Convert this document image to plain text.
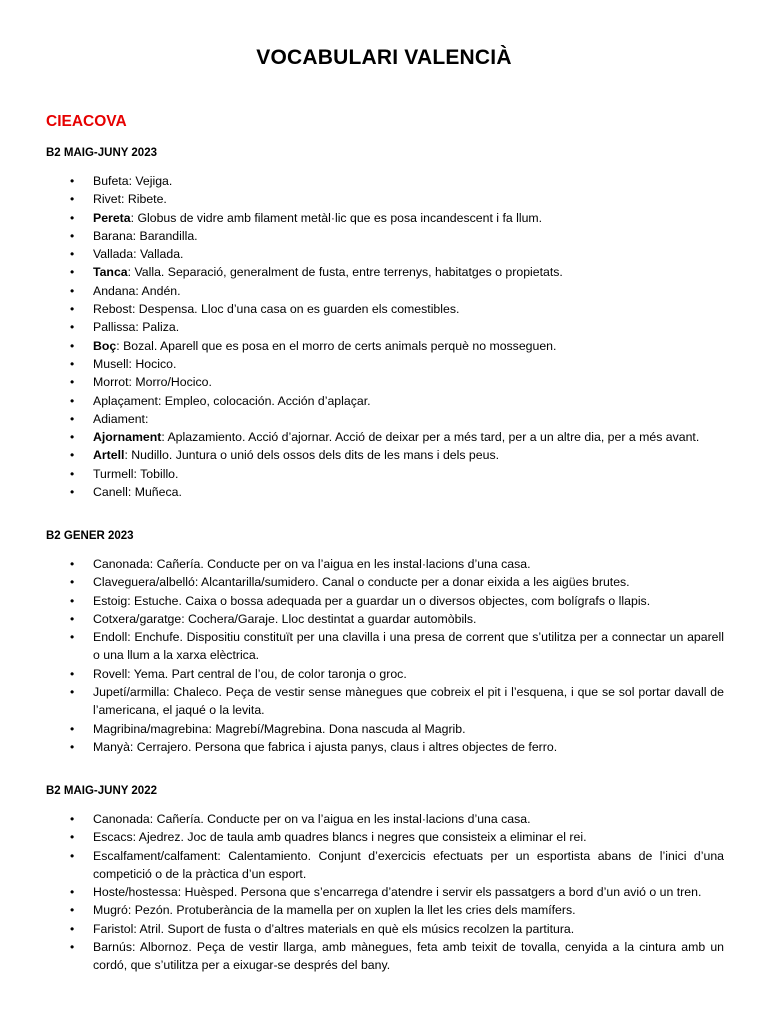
VOCABULARI VALENCIÀ
CIEACOVA
B2 MAIG-JUNY 2023
• Bufeta: Vejiga.
• Rivet: Ribete.
• Pereta: Globus de vidre amb filament metàl·lic que es posa incandescent i fa llum.
• Barana: Barandilla.
• Vallada: Vallada.
• Tanca: Valla. Separació, generalment de fusta, entre terrenys, habitatges o propietats.
• Andana: Andén.
• Rebost: Despensa. Lloc d’una casa on es guarden els comestibles.
• Pallissa: Paliza.
• Boç: Bozal. Aparell que es posa en el morro de certs animals perquè no mosseguen.
• Musell: Hocico.
• Morrot: Morro/Hocico.
• Aplaçament: Empleo, colocación. Acción d’aplaçar.
• Adiament:
• Ajornament: Aplazamiento. Acció d’ajornar. Acció de deixar per a més tard, per a un altre dia, per a més avant.
• Artell: Nudillo. Juntura o unió dels ossos dels dits de les mans i dels peus.
• Turmell: Tobillo.
• Canell: Muñeca.
B2 GENER 2023
• Canonada: Cañería. Conducte per on va l’aigua en les instal·lacions d’una casa.
• Claveguera/albelló: Alcantarilla/sumidero. Canal o conducte per a donar eixida a les aigües brutes.
• Estoig: Estuche. Caixa o bossa adequada per a guardar un o diversos objectes, com bolígrafs o llapis.
• Cotxera/garatge: Cochera/Garaje. Lloc destintat a guardar automòbils.
• Endoll: Enchufe. Dispositiu constituït per una clavilla i una presa de corrent que s’utilitza per a connectar un aparell o una llum a la xarxa elèctrica.
• Rovell: Yema. Part central de l’ou, de color taronja o groc.
• Jupetí/armilla: Chaleco. Peça de vestir sense mànegues que cobreix el pit i l’esquena, i que se sol portar davall de l’americana, el jaqué o la levita.
• Magribina/magrebina: Magrebí/Magrebina. Dona nascuda al Magrib.
• Manyà: Cerrajero. Persona que fabrica i ajusta panys, claus i altres objectes de ferro.
B2 MAIG-JUNY 2022
• Canonada: Cañería. Conducte per on va l’aigua en les instal·lacions d’una casa.
• Escacs: Ajedrez. Joc de taula amb quadres blancs i negres que consisteix a eliminar el rei.
• Escalfament/calfament: Calentamiento. Conjunt d’exercicis efectuats per un esportista abans de l’inici d’una competició o de la pràctica d’un esport.
• Hoste/hostessa: Huèsped. Persona que s’encarrega d’atendre i servir els passatgers a bord d’un avió o un tren.
• Mugró: Pezón. Protuberància de la mamella per on xuplen la llet les cries dels mamífers.
• Faristol: Atril. Suport de fusta o d’altres materials en què els músics recolzen la partitura.
• Barnús: Albornoz. Peça de vestir llarga, amb mànegues, feta amb teixit de tovalla, cenyida a la cintura amb un cordó, que s’utilitza per a eixugar-se després del bany.
